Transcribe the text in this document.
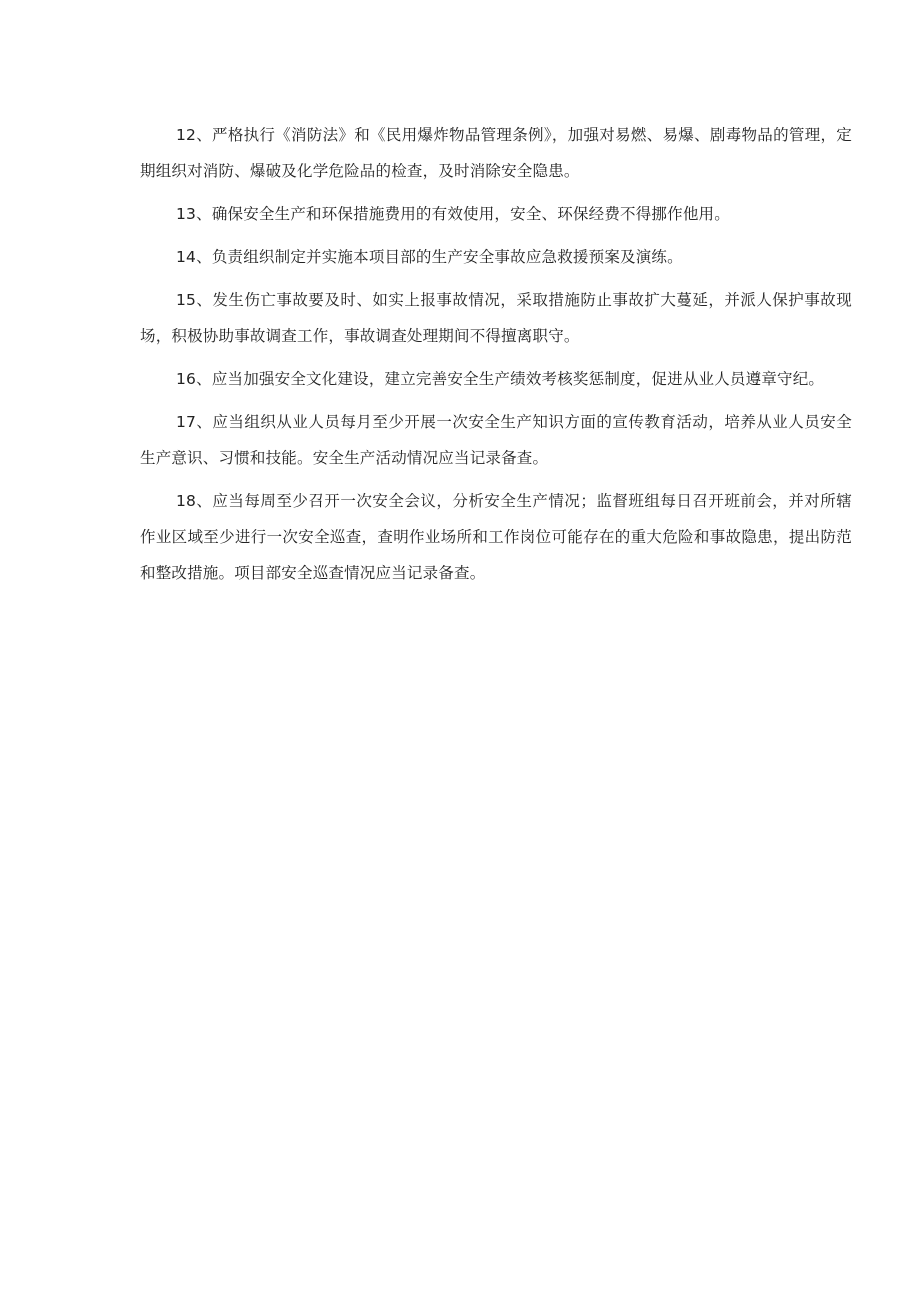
12、严格执行《消防法》和《民用爆炸物品管理条例》，加强对易燃、易爆、剧毒物品的管理，定期组织对消防、爆破及化学危险品的检查，及时消除安全隐患。

13、确保安全生产和环保措施费用的有效使用，安全、环保经费不得挪作他用。

14、负责组织制定并实施本项目部的生产安全事故应急救援预案及演练。

15、发生伤亡事故要及时、如实上报事故情况，采取措施防止事故扩大蔓延，并派人保护事故现场，积极协助事故调查工作，事故调查处理期间不得擅离职守。

16、应当加强安全文化建设，建立完善安全生产绩效考核奖惩制度，促进从业人员遵章守纪。

17、应当组织从业人员每月至少开展一次安全生产知识方面的宣传教育活动，培养从业人员安全生产意识、习惯和技能。安全生产活动情况应当记录备查。

18、应当每周至少召开一次安全会议，分析安全生产情况；监督班组每日召开班前会，并对所辖作业区域至少进行一次安全巡查，查明作业场所和工作岗位可能存在的重大危险和事故隐患，提出防范和整改措施。项目部安全巡查情况应当记录备查。
